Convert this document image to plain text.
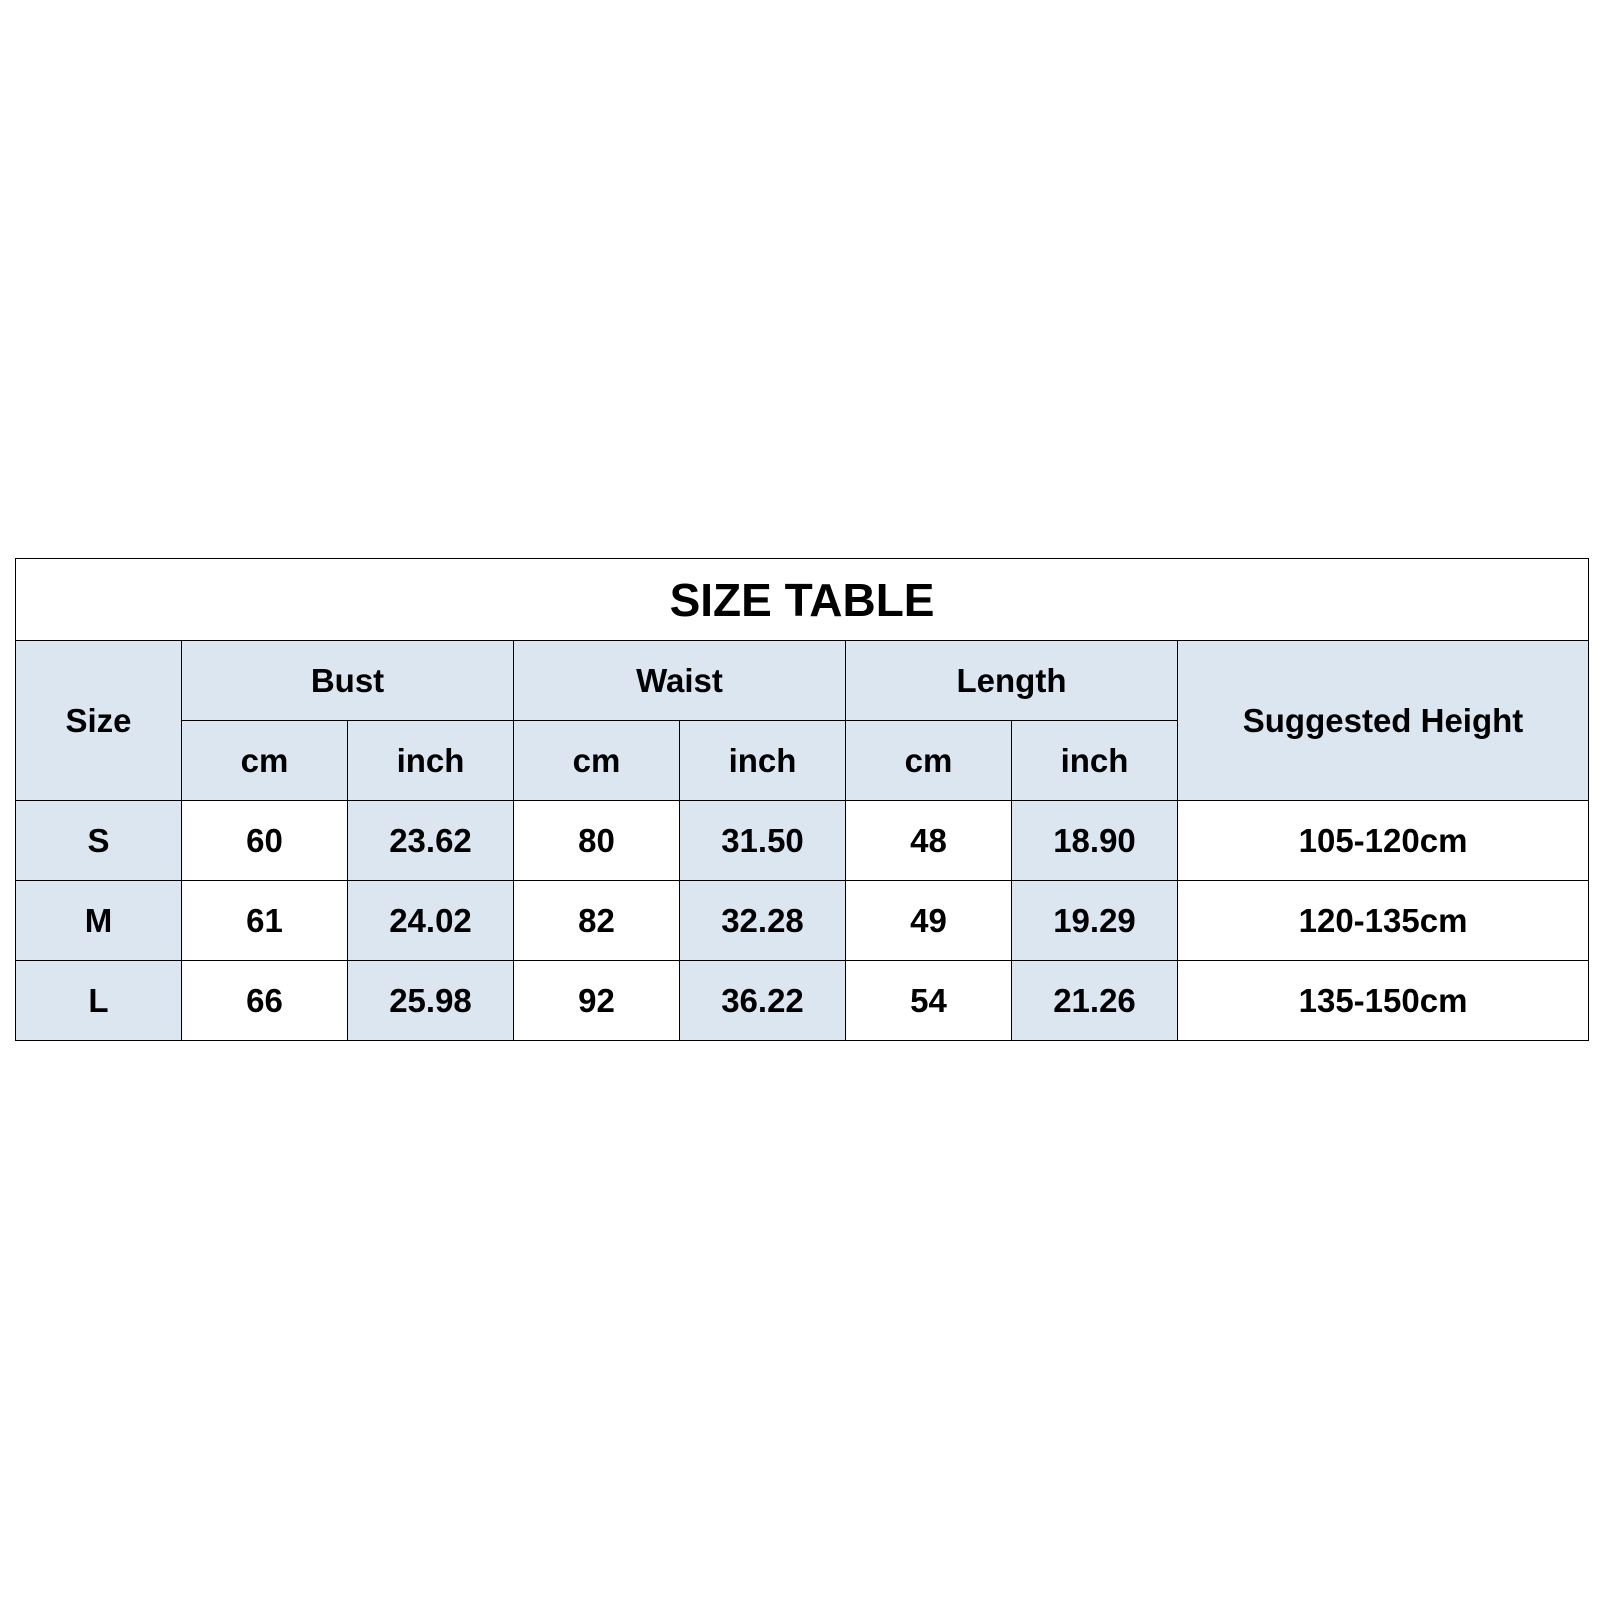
SIZE TABLE							
Size	Bust		Waist		Length		Suggested Height
	cm	inch	cm	inch	cm	inch	
S	60	23.62	80	31.50	48	18.90	105-120cm
M	61	24.02	82	32.28	49	19.29	120-135cm
L	66	25.98	92	36.22	54	21.26	135-150cm
